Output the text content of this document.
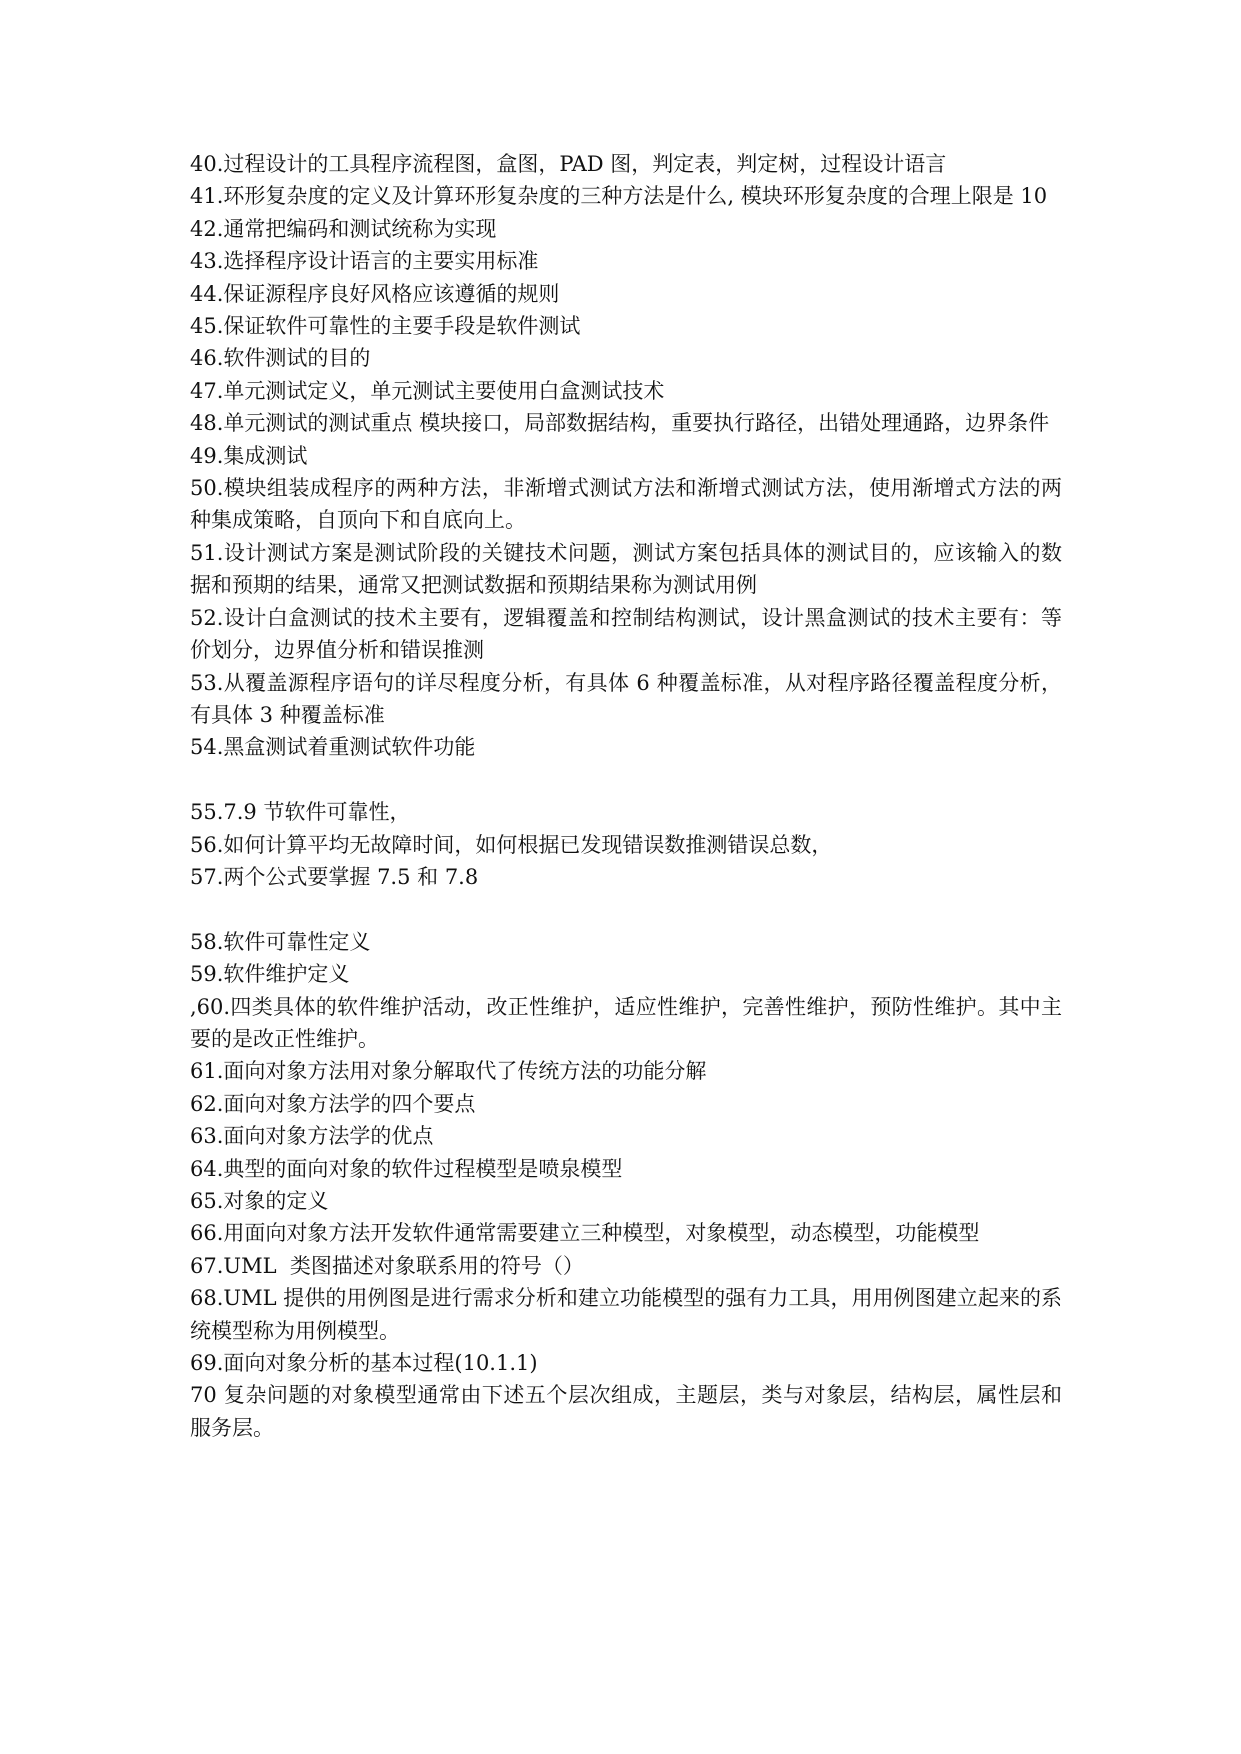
40.过程设计的工具程序流程图，盒图，PAD 图，判定表，判定树，过程设计语言

41.环形复杂度的定义及计算环形复杂度的三种方法是什么, 模块环形复杂度的合理上限是 10

42.通常把编码和测试统称为实现

43.选择程序设计语言的主要实用标准

44.保证源程序良好风格应该遵循的规则

45.保证软件可靠性的主要手段是软件测试

46.软件测试的目的

47.单元测试定义，单元测试主要使用白盒测试技术

48.单元测试的测试重点 模块接口，局部数据结构，重要执行路径，出错处理通路，边界条件

49.集成测试

50.模块组装成程序的两种方法，非渐增式测试方法和渐增式测试方法，使用渐增式方法的两种集成策略，自顶向下和自底向上。

51.设计测试方案是测试阶段的关键技术问题，测试方案包括具体的测试目的，应该输入的数据和预期的结果，通常又把测试数据和预期结果称为测试用例

52.设计白盒测试的技术主要有，逻辑覆盖和控制结构测试，设计黑盒测试的技术主要有：等价划分，边界值分析和错误推测

53.从覆盖源程序语句的详尽程度分析，有具体 6 种覆盖标准，从对程序路径覆盖程度分析，有具体 3 种覆盖标准

54.黑盒测试着重测试软件功能

55.7.9 节软件可靠性，

56.如何计算平均无故障时间，如何根据已发现错误数推测错误总数，

57.两个公式要掌握 7.5 和 7.8

58.软件可靠性定义

59.软件维护定义

,60.四类具体的软件维护活动，改正性维护，适应性维护，完善性维护，预防性维护。其中主要的是改正性维护。

61.面向对象方法用对象分解取代了传统方法的功能分解

62.面向对象方法学的四个要点

63.面向对象方法学的优点

64.典型的面向对象的软件过程模型是喷泉模型

65.对象的定义

66.用面向对象方法开发软件通常需要建立三种模型，对象模型，动态模型，功能模型

67.UML  类图描述对象联系用的符号（）

68.UML 提供的用例图是进行需求分析和建立功能模型的强有力工具，用用例图建立起来的系统模型称为用例模型。

69.面向对象分析的基本过程(10.1.1)

70 复杂问题的对象模型通常由下述五个层次组成，主题层，类与对象层，结构层，属性层和服务层。
